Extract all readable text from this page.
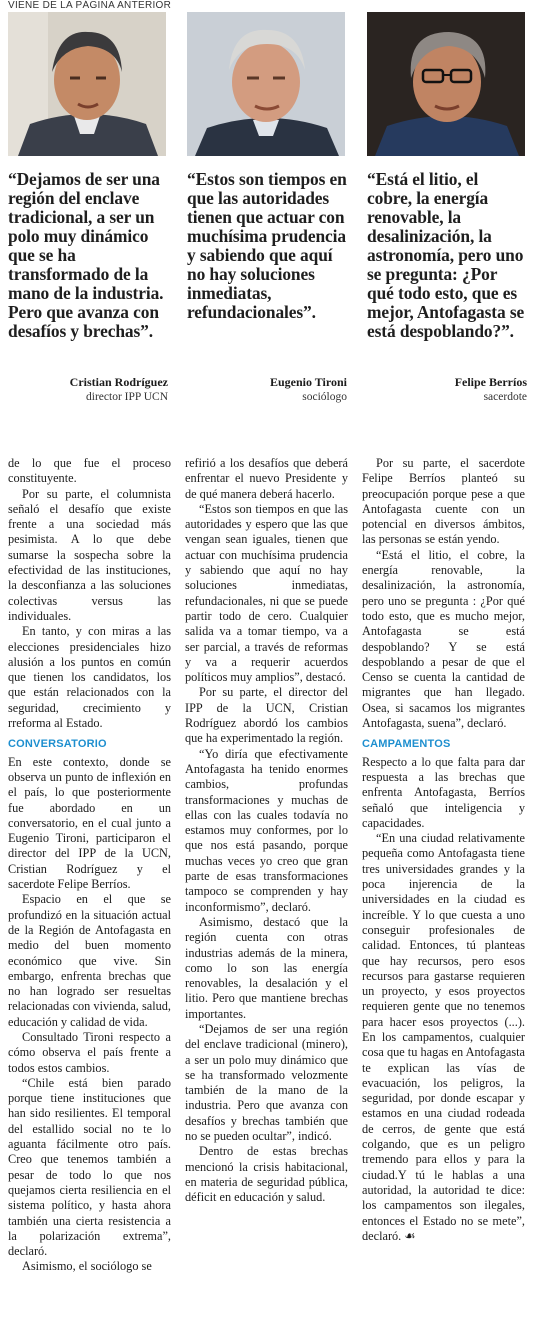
VIENE DE LA PÁGINA ANTERIOR
“Dejamos de ser una región del enclave tradicional, a ser un polo muy dinámico que se ha transformado de la mano de la industria. Pero que avanza con desafíos y brechas”.
“Estos son tiempos en que las autoridades tienen que actuar con muchísima prudencia y sabiendo que aquí no hay soluciones inmediatas, refundacionales”.
“Está el litio, el cobre, la energía renovable, la desalinización, la astronomía, pero uno se pregunta: ¿Por qué todo esto, que es mejor, Antofagasta se está despoblando?”.
Cristian Rodríguez
director IPP UCN
Eugenio Tironi
sociólogo
Felipe Berríos
sacerdote

de lo que fue el proceso constituyente.

Por su parte, el columnista señaló el desafío que existe frente a una sociedad más pesimista. A lo que debe sumarse la sospecha sobre la efectividad de las instituciones, la desconfianza a las soluciones colectivas versus las individuales.

En tanto, y con miras a las elecciones presidenciales hizo alusión a los puntos en común que tienen los candidatos, los que están relacionados con la seguridad, crecimiento y rreforma al Estado.

CONVERSATORIO

En este contexto, donde se observa un punto de inflexión en el país, lo que posteriormente fue abordado en un conversatorio, en el cual junto a Eugenio Tironi, participaron el director del IPP de la UCN, Cristian Rodríguez y el sacerdote Felipe Berríos.

Espacio en el que se profundizó en la situación actual de la Región de Antofagasta en medio del buen momento económico que vive. Sin embargo, enfrenta brechas que no han logrado ser resueltas relacionadas con vivienda, salud, educación y calidad de vida.

Consultado Tironi respecto a cómo observa el país frente a todos estos cambios.

“Chile está bien parado porque tiene instituciones que han sido resilientes. El temporal del estallido social no te lo aguanta fácilmente otro país. Creo que tenemos también a pesar de todo lo que nos quejamos cierta resiliencia en el sistema político, y hasta ahora también una cierta resistencia a la polarización extrema”, declaró.

Asimismo, el sociólogo se

refirió a los desafíos que deberá enfrentar el nuevo Presidente y de qué manera deberá hacerlo.

“Estos son tiempos en que las autoridades y espero que las que vengan sean iguales, tienen que actuar con muchísima prudencia y sabiendo que aquí no hay soluciones inmediatas, refundacionales, ni que se puede partir todo de cero. Cualquier salida va a tomar tiempo, va a ser parcial, a través de reformas y va a requerir acuerdos políticos muy amplios”, destacó.

Por su parte, el director del IPP de la UCN, Cristian Rodríguez abordó los cambios que ha experimentado la región.

“Yo diría que efectivamente Antofagasta ha tenido enormes cambios, profundas transformaciones y muchas de ellas con las cuales todavía no estamos muy conformes, por lo que nos está pasando, porque muchas veces yo creo que gran parte de esas transformaciones tampoco se comprenden y hay inconformismo”, declaró.

Asimismo, destacó que la región cuenta con otras industrias además de la minera, como lo son las energía renovables, la desalación y el litio. Pero que mantiene brechas importantes.

“Dejamos de ser una región del enclave tradicional (minero), a ser un polo muy dinámico que se ha transformado velozmente también de la mano de la industria. Pero que avanza con desafíos y brechas también que no se pueden ocultar”, indicó.

Dentro de estas brechas mencionó la crisis habitacional, en materia de seguridad pública, déficit en educación y salud.

Por su parte, el sacerdote Felipe Berríos planteó su preocupación porque pese a que Antofagasta cuente con un potencial en diversos ámbitos, las personas se están yendo.

“Está el litio, el cobre, la energía renovable, la desalinización, la astronomía, pero uno se pregunta : ¿Por qué todo esto, que es mucho mejor, Antofagasta se está despoblando? Y se está despoblando a pesar de que el Censo se cuenta la cantidad de migrantes que han llegado. Osea, si sacamos los migrantes Antofagasta, suena”, declaró.

CAMPAMENTOS

Respecto a lo que falta para dar respuesta a las brechas que enfrenta Antofagasta, Berríos señaló que inteligencia y capacidades.

“En una ciudad relativamente pequeña como Antofagasta tiene tres universidades grandes y la poca injerencia de la universidades en la ciudad es increíble. Y lo que cuesta a uno conseguir profesionales de calidad. Entonces, tú planteas que hay recursos, pero esos recursos para gastarse requieren un proyecto, y esos proyectos requieren gente que no tenemos para hacer esos proyectos (...). En los campamentos, cualquier cosa que tu hagas en Antofagasta te explican las vías de evacuación, los peligros, la seguridad, por donde escapar y estamos en una ciudad rodeada de cerros, de gente que está colgando, que es un peligro tremendo para ellos y para la ciudad.Y tú le hablas a una autoridad, la autoridad te dice: los campamentos son ilegales, entonces el Estado no se mete”, declaró. ☙
